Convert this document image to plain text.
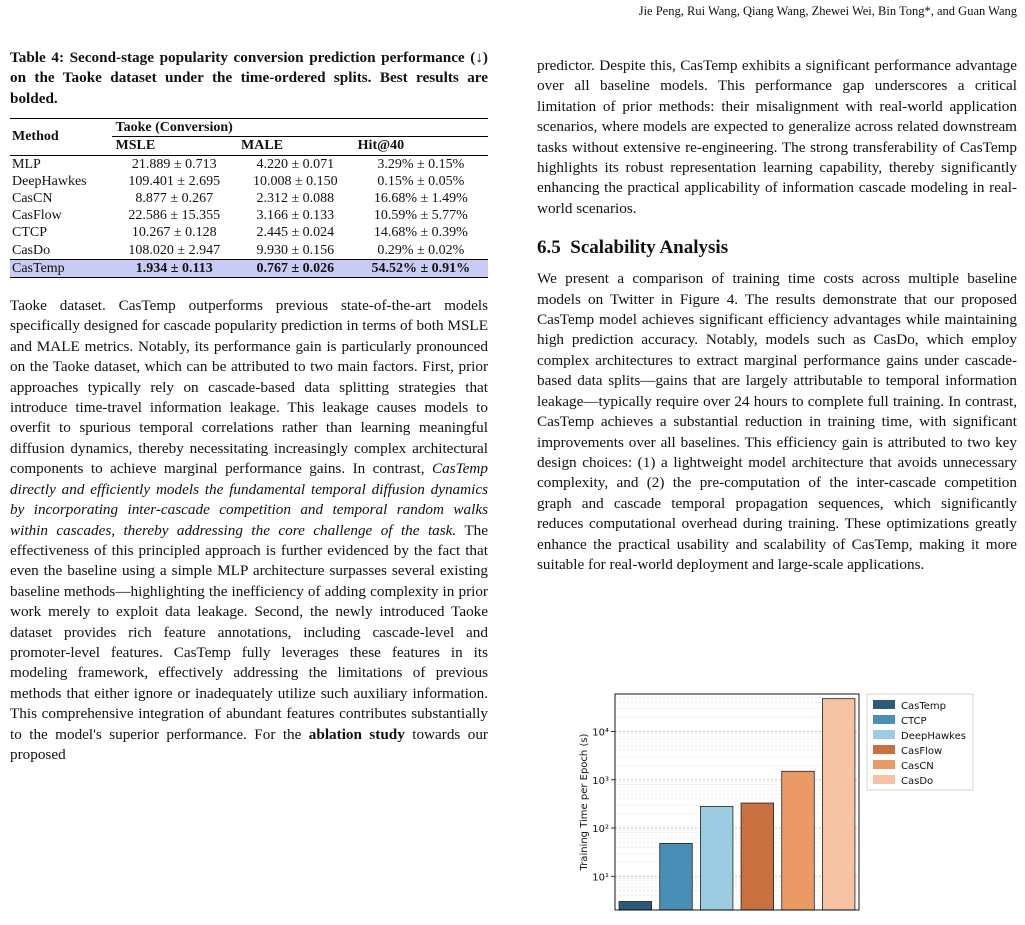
Jie Peng, Rui Wang, Qiang Wang, Zhewei Wei, Bin Tong*, and Guan Wang

Table 4: Second-stage popularity conversion prediction performance (↓) on the Taoke dataset under the time-ordered splits. Best results are bolded.

Method	Taoke (Conversion)		
	MSLE	MALE	Hit@40
MLP	21.889 ± 0.713	4.220 ± 0.071	3.29% ± 0.15%
DeepHawkes	109.401 ± 2.695	10.008 ± 0.150	0.15% ± 0.05%
CasCN	8.877 ± 0.267	2.312 ± 0.088	16.68% ± 1.49%
CasFlow	22.586 ± 15.355	3.166 ± 0.133	10.59% ± 5.77%
CTCP	10.267 ± 0.128	2.445 ± 0.024	14.68% ± 0.39%
CasDo	108.020 ± 2.947	9.930 ± 0.156	0.29% ± 0.02%
CasTemp	1.934 ± 0.113	0.767 ± 0.026	54.52% ± 0.91%

Taoke dataset. CasTemp outperforms previous state-of-the-art models specifically designed for cascade popularity prediction in terms of both MSLE and MALE metrics. Notably, its performance gain is particularly pronounced on the Taoke dataset, which can be attributed to two main factors. First, prior approaches typically rely on cascade-based data splitting strategies that introduce time-travel information leakage. This leakage causes models to overfit to spurious temporal correlations rather than learning meaningful diffusion dynamics, thereby necessitating increasingly complex architectural components to achieve marginal performance gains. In contrast, CasTemp directly and efficiently models the fundamental temporal diffusion dynamics by incorporating inter-cascade competition and temporal random walks within cascades, thereby addressing the core challenge of the task. The effectiveness of this principled approach is further evidenced by the fact that even the baseline using a simple MLP architecture surpasses several existing baseline methods—highlighting the inefficiency of adding complexity in prior work merely to exploit data leakage. Second, the newly introduced Taoke dataset provides rich feature annotations, including cascade-level and promoter-level features. CasTemp fully leverages these features in its modeling framework, effectively addressing the limitations of previous methods that either ignore or inadequately utilize such auxiliary information. This comprehensive integration of abundant features contributes substantially to the model's superior performance. For the ablation study towards our proposed

predictor. Despite this, CasTemp exhibits a significant performance advantage over all baseline models. This performance gap underscores a critical limitation of prior methods: their misalignment with real-world application scenarios, where models are expected to generalize across related downstream tasks without extensive re-engineering. The strong transferability of CasTemp highlights its robust representation learning capability, thereby significantly enhancing the practical applicability of information cascade modeling in real-world scenarios.

6.5 Scalability Analysis

We present a comparison of training time costs across multiple baseline models on Twitter in Figure 4. The results demonstrate that our proposed CasTemp model achieves significant efficiency advantages while maintaining high prediction accuracy. Notably, models such as CasDo, which employ complex architectures to extract marginal performance gains under cascade-based data splits—gains that are largely attributable to temporal information leakage—typically require over 24 hours to complete full training. In contrast, CasTemp achieves a substantial reduction in training time, with significant improvements over all baselines. This efficiency gain is attributed to two key design choices: (1) a lightweight model architecture that avoids unnecessary complexity, and (2) the pre-computation of the inter-cascade competition graph and cascade temporal propagation sequences, which significantly reduces computational overhead during training. These optimizations greatly enhance the practical usability and scalability of CasTemp, making it more suitable for real-world deployment and large-scale applications.

10¹
10²
10³
10⁴
Training Time per Epoch (s)
CasTemp
CTCP
DeepHawkes
CasFlow
CasCN
CasDo
